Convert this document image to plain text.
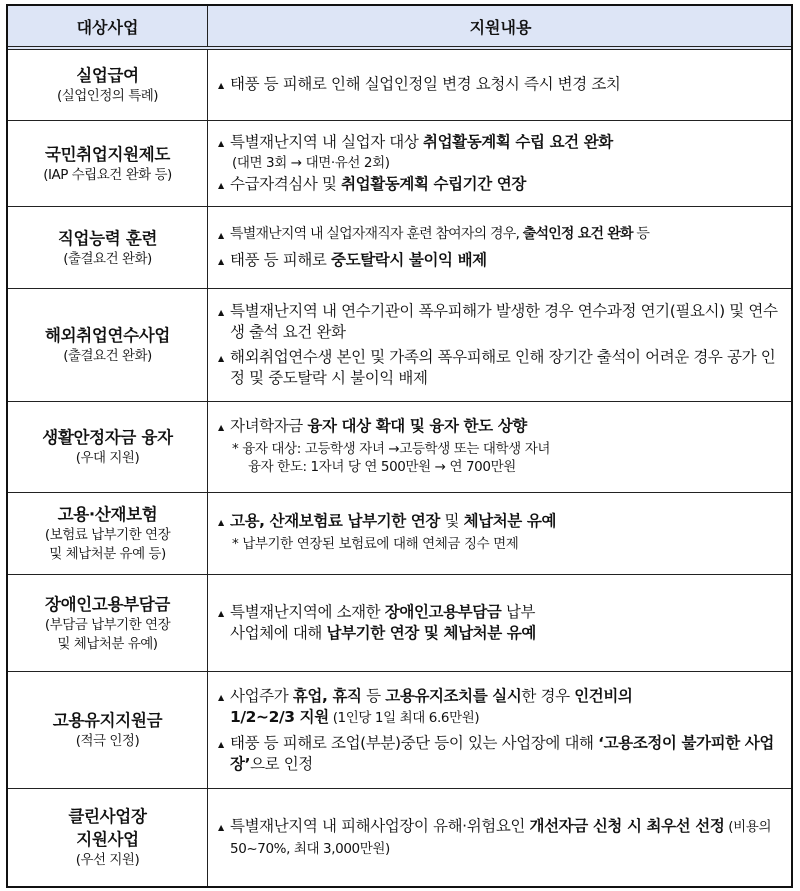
대상사업	지원내용
실업급여
(실업인정의 특례)
▲ 태풍 등 피해로 인해 실업인정일 변경 요청시 즉시 변경 조치
국민취업지원제도
(IAP 수립요건 완화 등)
▲ 특별재난지역 내 실업자 대상 취업활동계획 수립 요건 완화
(대면 3회 → 대면·유선 2회)
▲ 수급자격심사 및 취업활동계획 수립기간 연장
직업능력 훈련
(출결요건 완화)
▲ 특별재난지역 내 실업자재직자 훈련 참여자의 경우, 출석인정 요건 완화 등
▲ 태풍 등 피해로 중도탈락시 불이익 배제
해외취업연수사업
(출결요건 완화)
▲ 특별재난지역 내 연수기관이 폭우피해가 발생한 경우 연수과정 연기(필요시) 및 연수생 출석 요건 완화
▲ 해외취업연수생 본인 및 가족의 폭우피해로 인해 장기간 출석이 어려운 경우 공가 인정 및 중도탈락 시 불이익 배제
생활안정자금 융자
(우대 지원)
▲ 자녀학자금 융자 대상 확대 및 융자 한도 상향
* 융자 대상: 고등학생 자녀 →고등학생 또는 대학생 자녀
융자 한도: 1자녀 당 연 500만원 → 연 700만원
고용·산재보험
(보험료 납부기한 연장
및 체납처분 유예 등)
▲ 고용, 산재보험료 납부기한 연장 및 체납처분 유예
* 납부기한 연장된 보험료에 대해 연체금 징수 면제
장애인고용부담금
(부담금 납부기한 연장
및 체납처분 유예)
▲ 특별재난지역에 소재한 장애인고용부담금 납부 사업체에 대해 납부기한 연장 및 체납처분 유예
고용유지지원금
(적극 인정)
▲ 사업주가 휴업, 휴직 등 고용유지조치를 실시한 경우 인건비의 1/2~2/3 지원 (1인당 1일 최대 6.6만원)
▲ 태풍 등 피해로 조업(부분)중단 등이 있는 사업장에 대해 ‘고용조정이 불가피한 사업장’으로 인정
클린사업장
지원사업
(우선 지원)
▲ 특별재난지역 내 피해사업장이 유해·위험요인 개선자금 신청 시 최우선 선정 (비용의 50~70%, 최대 3,000만원)
